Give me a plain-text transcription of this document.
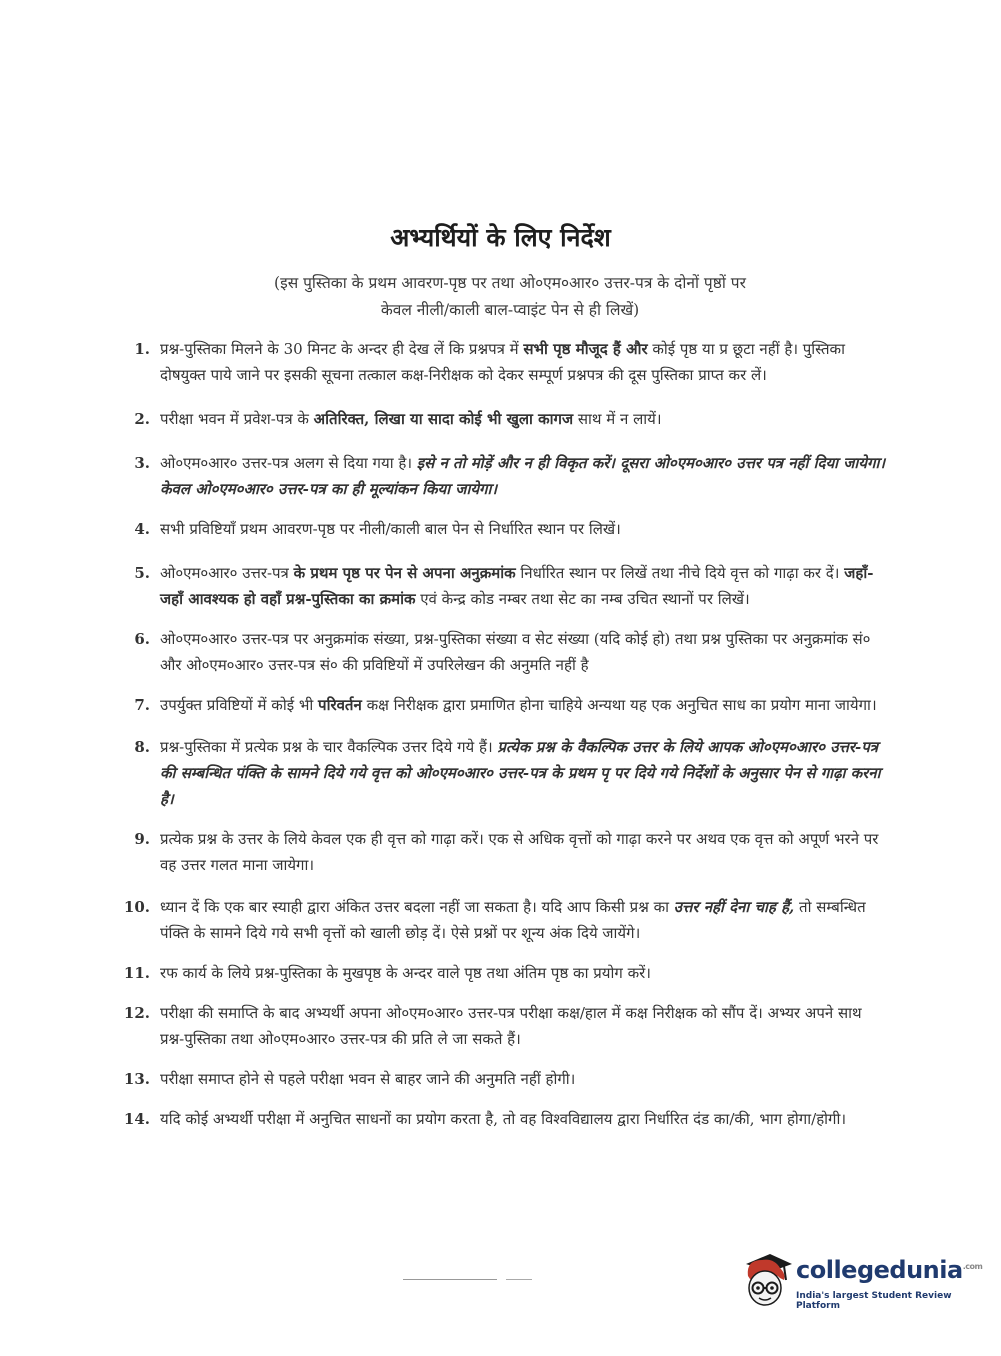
अभ्यर्थियों के लिए निर्देश
(इस पुस्तिका के प्रथम आवरण-पृष्ठ पर तथा ओ०एम०आर० उत्तर-पत्र के दोनों पृष्ठों पर
केवल नीली/काली बाल-प्वाइंट पेन से ही लिखें)
1. प्रश्न-पुस्तिका मिलने के 30 मिनट के अन्दर ही देख लें कि प्रश्नपत्र में सभी पृष्ठ मौजूद हैं और कोई पृष्ठ या प्र छूटा नहीं है। पुस्तिका दोषयुक्त पाये जाने पर इसकी सूचना तत्काल कक्ष-निरीक्षक को देकर सम्पूर्ण प्रश्नपत्र की दूस पुस्तिका प्राप्त कर लें।
2. परीक्षा भवन में प्रवेश-पत्र के अतिरिक्त, लिखा या सादा कोई भी खुला कागज साथ में न लायें।
3. ओ०एम०आर० उत्तर-पत्र अलग से दिया गया है। इसे न तो मोड़ें और न ही विकृत करें। दूसरा ओ०एम०आर० उत्तर पत्र नहीं दिया जायेगा। केवल ओ०एम०आर० उत्तर-पत्र का ही मूल्यांकन किया जायेगा।
4. सभी प्रविष्टियाँ प्रथम आवरण-पृष्ठ पर नीली/काली बाल पेन से निर्धारित स्थान पर लिखें।
5. ओ०एम०आर० उत्तर-पत्र के प्रथम पृष्ठ पर पेन से अपना अनुक्रमांक निर्धारित स्थान पर लिखें तथा नीचे दिये वृत्त को गाढ़ा कर दें। जहाँ-जहाँ आवश्यक हो वहाँ प्रश्न-पुस्तिका का क्रमांक एवं केन्द्र कोड नम्बर तथा सेट का नम्ब उचित स्थानों पर लिखें।
6. ओ०एम०आर० उत्तर-पत्र पर अनुक्रमांक संख्या, प्रश्न-पुस्तिका संख्या व सेट संख्या (यदि कोई हो) तथा प्रश्न पुस्तिका पर अनुक्रमांक सं० और ओ०एम०आर० उत्तर-पत्र सं० की प्रविष्टियों में उपरिलेखन की अनुमति नहीं है
7. उपर्युक्त प्रविष्टियों में कोई भी परिवर्तन कक्ष निरीक्षक द्वारा प्रमाणित होना चाहिये अन्यथा यह एक अनुचित साध का प्रयोग माना जायेगा।
8. प्रश्न-पुस्तिका में प्रत्येक प्रश्न के चार वैकल्पिक उत्तर दिये गये हैं। प्रत्येक प्रश्न के वैकल्पिक उत्तर के लिये आपक ओ०एम०आर० उत्तर-पत्र की सम्बन्धित पंक्ति के सामने दिये गये वृत्त को ओ०एम०आर० उत्तर-पत्र के प्रथम पृ पर दिये गये निर्देशों के अनुसार पेन से गाढ़ा करना है।
9. प्रत्येक प्रश्न के उत्तर के लिये केवल एक ही वृत्त को गाढ़ा करें। एक से अधिक वृत्तों को गाढ़ा करने पर अथव एक वृत्त को अपूर्ण भरने पर वह उत्तर गलत माना जायेगा।
10. ध्यान दें कि एक बार स्याही द्वारा अंकित उत्तर बदला नहीं जा सकता है। यदि आप किसी प्रश्न का उत्तर नहीं देना चाह हैं, तो सम्बन्धित पंक्ति के सामने दिये गये सभी वृत्तों को खाली छोड़ दें। ऐसे प्रश्नों पर शून्य अंक दिये जायेंगे।
11. रफ कार्य के लिये प्रश्न-पुस्तिका के मुखपृष्ठ के अन्दर वाले पृष्ठ तथा अंतिम पृष्ठ का प्रयोग करें।
12. परीक्षा की समाप्ति के बाद अभ्यर्थी अपना ओ०एम०आर० उत्तर-पत्र परीक्षा कक्ष/हाल में कक्ष निरीक्षक को सौंप दें। अभ्यर अपने साथ प्रश्न-पुस्तिका तथा ओ०एम०आर० उत्तर-पत्र की प्रति ले जा सकते हैं।
13. परीक्षा समाप्त होने से पहले परीक्षा भवन से बाहर जाने की अनुमति नहीं होगी।
14. यदि कोई अभ्यर्थी परीक्षा में अनुचित साधनों का प्रयोग करता है, तो वह विश्वविद्यालय द्वारा निर्धारित दंड का/की, भाग होगा/होगी।
collegedunia$^{.com}$
India's largest Student Review Platform
